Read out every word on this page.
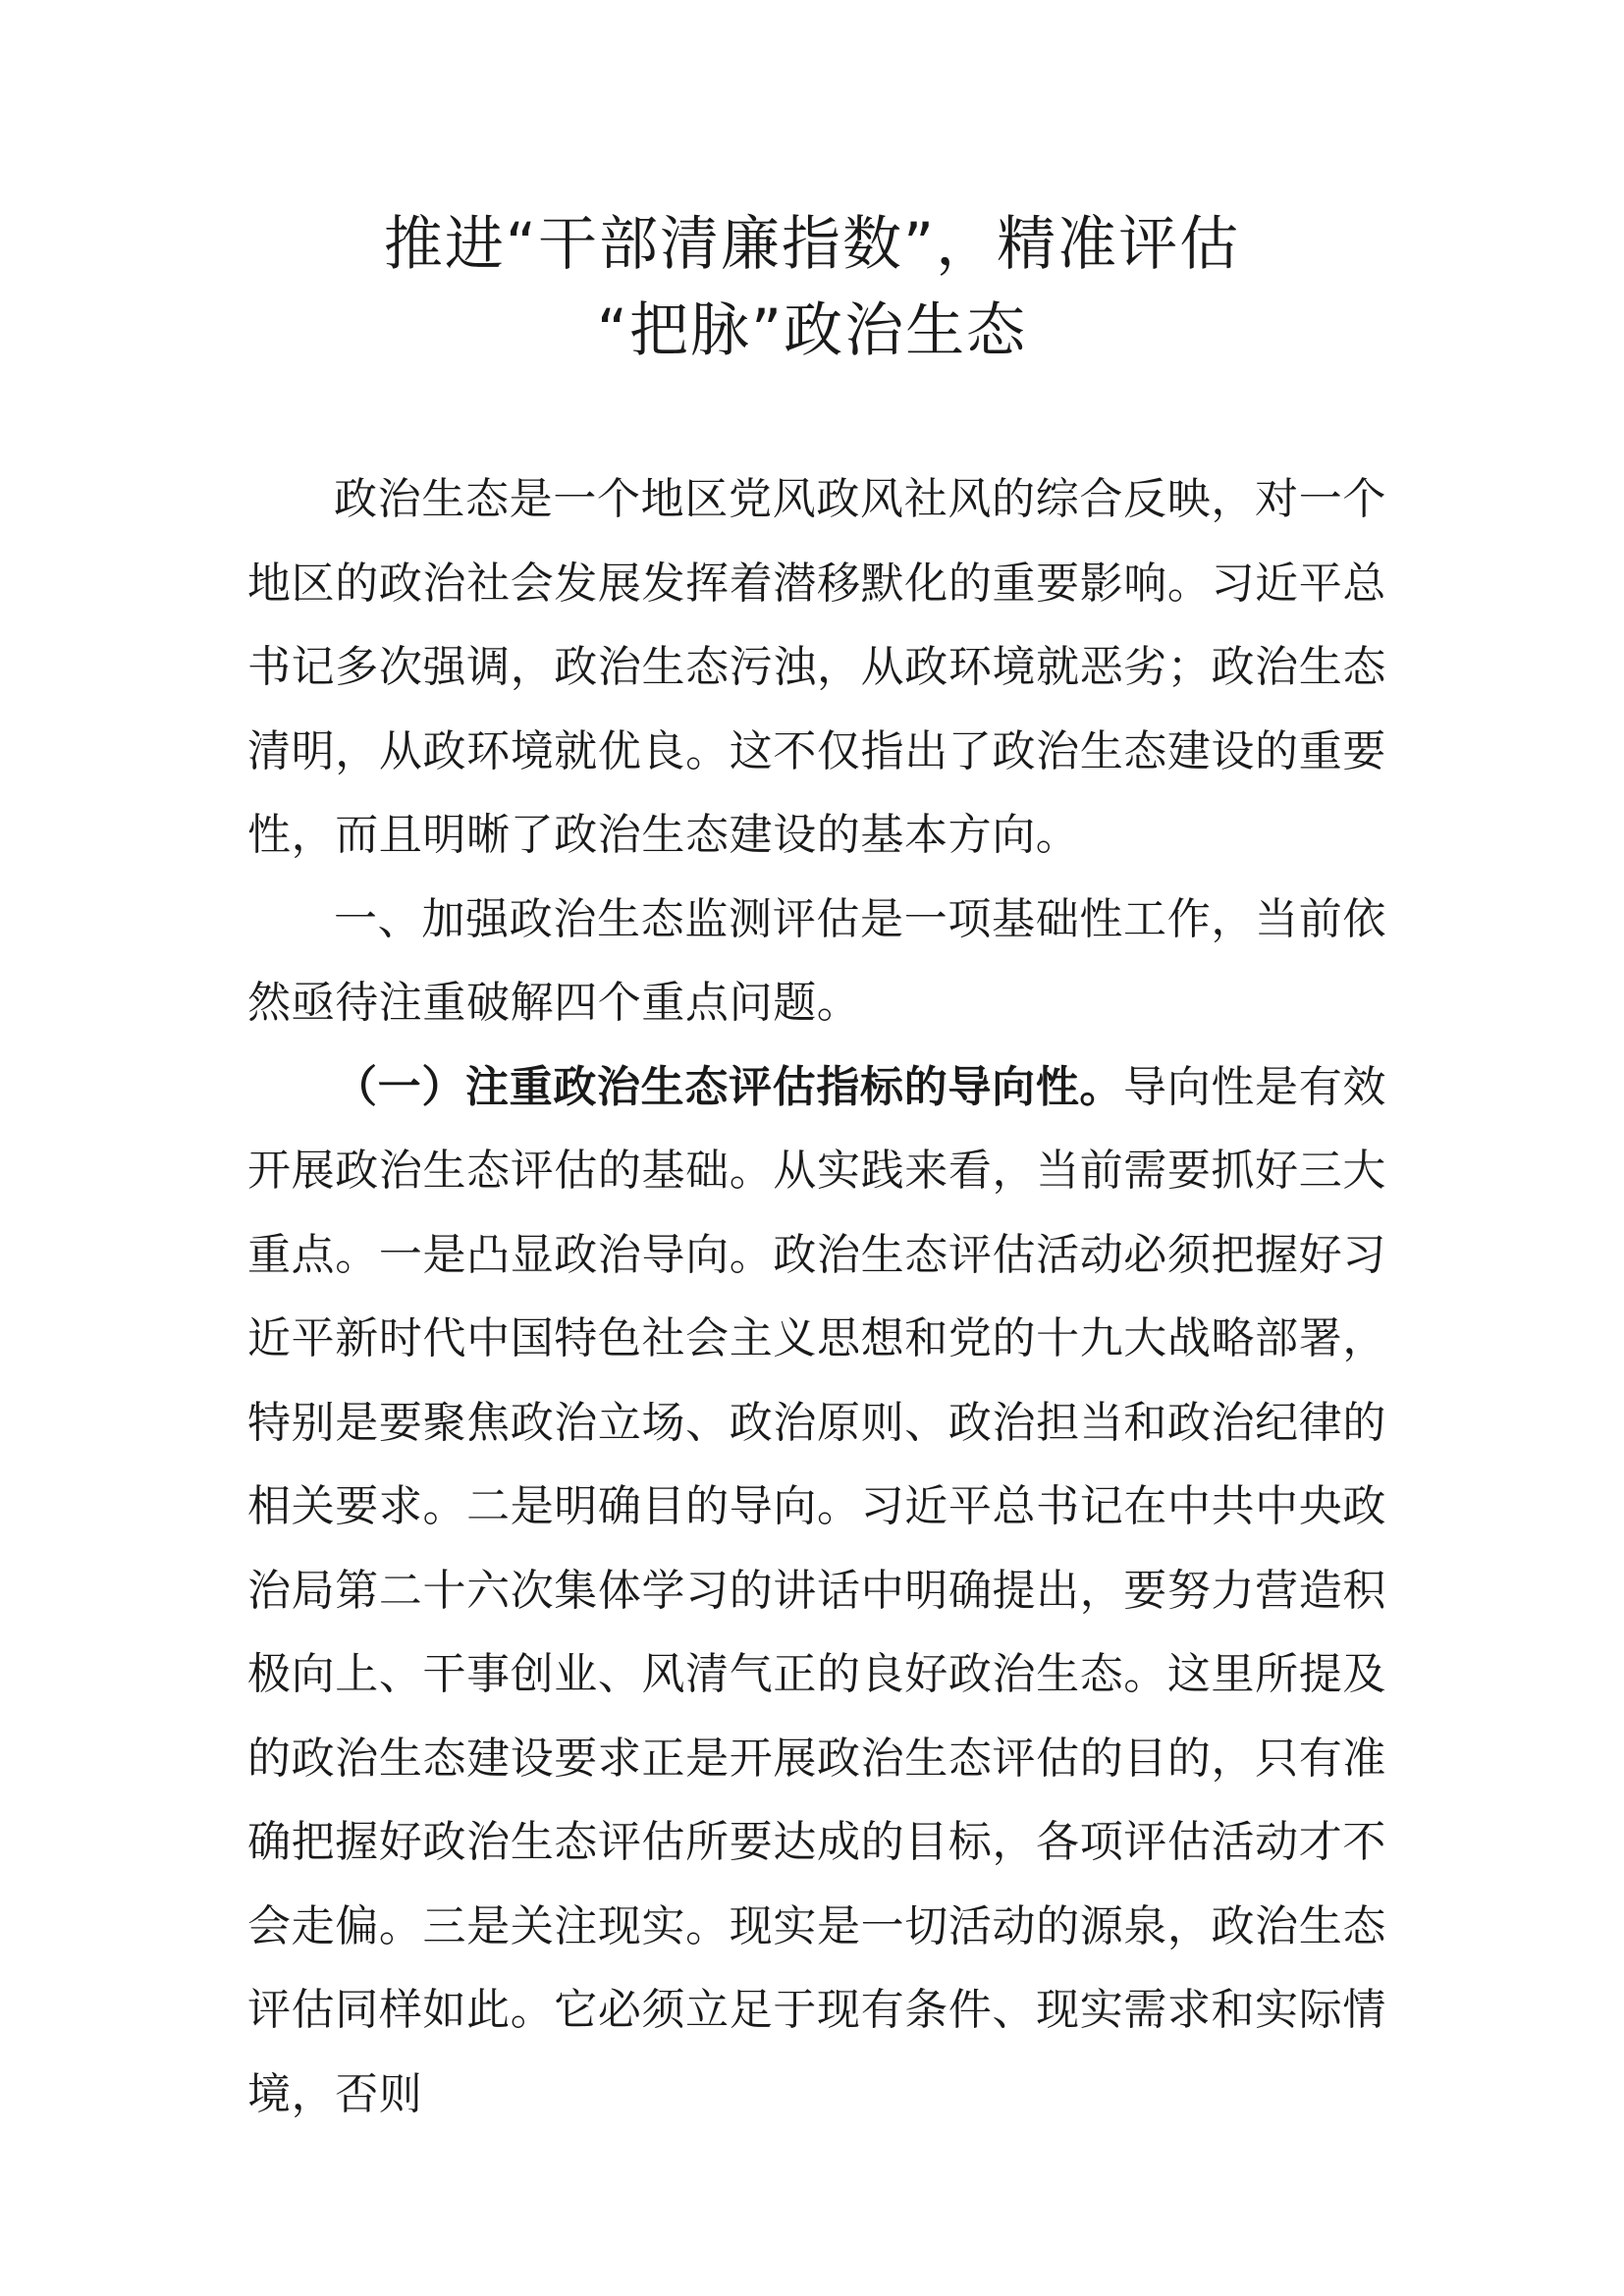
推进“干部清廉指数”，精准评估
“把脉”政治生态

政治生态是一个地区党风政风社风的综合反映，对一个地区的政治社会发展发挥着潜移默化的重要影响。习近平总书记多次强调，政治生态污浊，从政环境就恶劣；政治生态清明，从政环境就优良。这不仅指出了政治生态建设的重要性，而且明晰了政治生态建设的基本方向。

一、加强政治生态监测评估是一项基础性工作，当前依然亟待注重破解四个重点问题。

（一）注重政治生态评估指标的导向性。导向性是有效开展政治生态评估的基础。从实践来看，当前需要抓好三大重点。一是凸显政治导向。政治生态评估活动必须把握好习近平新时代中国特色社会主义思想和党的十九大战略部署，特别是要聚焦政治立场、政治原则、政治担当和政治纪律的相关要求。二是明确目的导向。习近平总书记在中共中央政治局第二十六次集体学习的讲话中明确提出，要努力营造积极向上、干事创业、风清气正的良好政治生态。这里所提及的政治生态建设要求正是开展政治生态评估的目的，只有准确把握好政治生态评估所要达成的目标，各项评估活动才不会走偏。三是关注现实。现实是一切活动的源泉，政治生态评估同样如此。它必须立足于现有条件、现实需求和实际情境，否则
